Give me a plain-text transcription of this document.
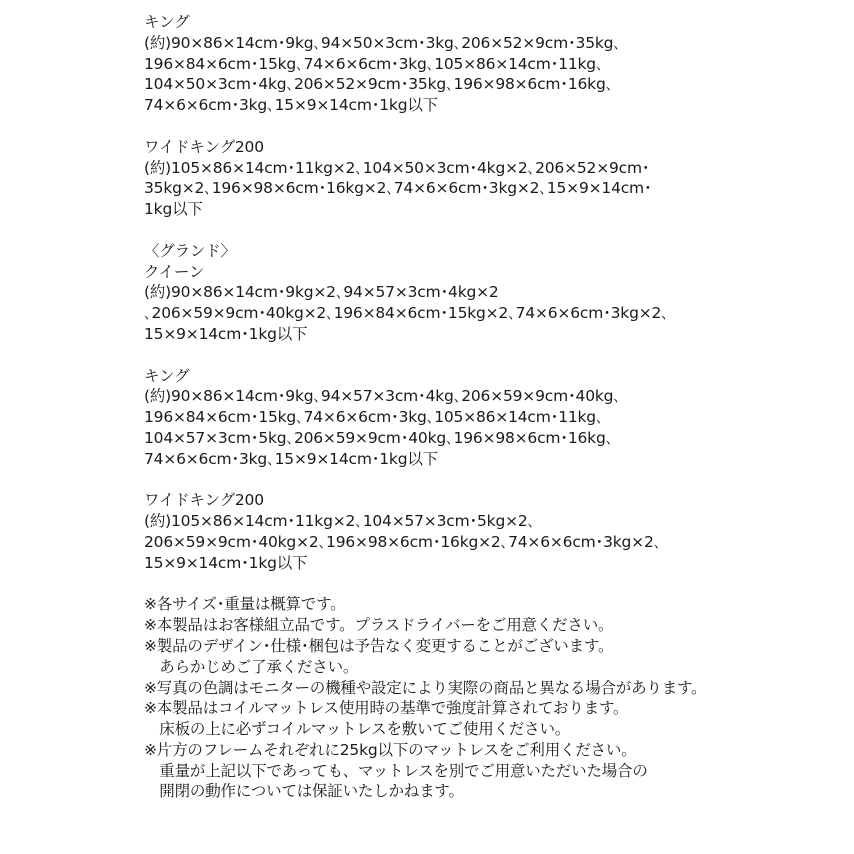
キング
(約)90×86×14cm･9kg､94×50×3cm･3kg､206×52×9cm･35kg､
196×84×6cm･15kg､74×6×6cm･3kg､105×86×14cm･11kg､
104×50×3cm･4kg､206×52×9cm･35kg､196×98×6cm･16kg､
74×6×6cm･3kg､15×9×14cm･1kg以下
ワイドキング200
(約)105×86×14cm･11kg×2､104×50×3cm･4kg×2､206×52×9cm･
35kg×2､196×98×6cm･16kg×2､74×6×6cm･3kg×2､15×9×14cm･
1kg以下
〈グランド〉
クイーン
(約)90×86×14cm･9kg×2､94×57×3cm･4kg×2
､206×59×9cm･40kg×2､196×84×6cm･15kg×2､74×6×6cm･3kg×2､
15×9×14cm･1kg以下
キング
(約)90×86×14cm･9kg､94×57×3cm･4kg､206×59×9cm･40kg､
196×84×6cm･15kg､74×6×6cm･3kg､105×86×14cm･11kg､
104×57×3cm･5kg､206×59×9cm･40kg､196×98×6cm･16kg､
74×6×6cm･3kg､15×9×14cm･1kg以下
ワイドキング200
(約)105×86×14cm･11kg×2､104×57×3cm･5kg×2､
206×59×9cm･40kg×2､196×98×6cm･16kg×2､74×6×6cm･3kg×2､
15×9×14cm･1kg以下
※各サイズ･重量は概算です。
※本製品はお客様組立品です。プラスドライバーをご用意ください。
※製品のデザイン･仕様･梱包は予告なく変更することがございます。
　あらかじめご了承ください。
※写真の色調はモニターの機種や設定により実際の商品と異なる場合があります。
※本製品はコイルマットレス使用時の基準で強度計算されております。
　床板の上に必ずコイルマットレスを敷いてご使用ください。
※片方のフレームそれぞれに25kg以下のマットレスをご利用ください。
　重量が上記以下であっても、マットレスを別でご用意いただいた場合の
　開閉の動作については保証いたしかねます。
